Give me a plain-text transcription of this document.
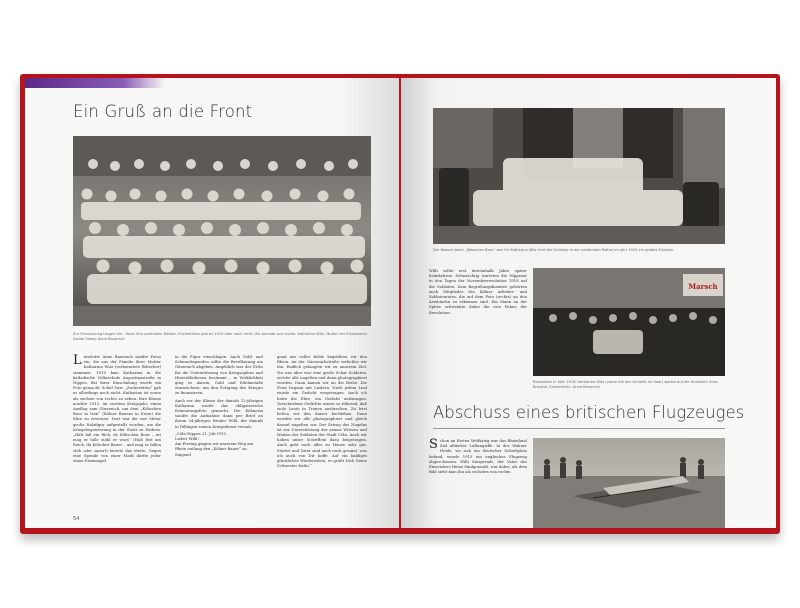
Ein Gruß an die Front
Zur Einschulung trugen die – fotos ihre schönsten Kleider. Zuckertüten gab es 1910 aber noch nicht. Als sechste von rechts: Katharina Witz, Mutter der Einsenderin (beide Fotos) Anne Bauersch
L ieselotte Anne Bauersch sandte Fotos ein, die aus der Familie ihrer Mutter Katharina Witz (verheiratete Bittscher) stammen. 1910 kam Katharina in die katholische Volksschule Augustinastraße in Nippes. Bei ihrer Einschulung wurde ein Foto gemacht. Schul- bzw. „Zuckertüten“ gab es allerdings noch nicht. Katharina ist vorne als sechste von rechts zu sehen. Ihre Klasse machte 1915, im zweiten Kriegsjahr, einen Ausflug zum Gürzenich, um dem „Köbschen Boor in Isen“ (Kölner Bauern in Eisen) die Ehre zu erweisen. Dort war die vier Meter große Holzfigur aufgestellt worden, um die Kriegsbegeisterung in der Stadt zu fördern. „Hält fall em Rich, do Köbschen Boor – nit mog er falle stöhl er woot“ (Halt fest am Reich, du Kölscher Bauer – und mag es fallen stöh oder sauert) lautete das Motto. Gegen eine Spende von einer Mark durfte jeder einen Eisennagel

in die Figur einschlagen. Auch Gold- und Schmuckspenden sollte die Bevölkerung am Gürzenich abgeben. Angeblich war der Erlös für die Unterstützung von Kriegsopfern und Hinterbliebenen bestimmt – in Wirklichkeit ging es darum, Gold und Edelmetalle einzusichern, um den Fortgang des Krieges zu finanzieren.

Auch vor der Klasse der damals 12-jährigen Katharina wurde das obligatorische Erinnerungsfoto gemacht. Die Köhnerin sandte die Aufnahme dann per Brief an ihrem 24-jährigen Bruder Willi, der damals in Dillingen seinen Kriegsdienst versah:

„Cöln-Nippes 21. Juli 1915
Lieber Willi!
Am Freitag gingen wir unserem Weg am Rhein entlang den „Kölner Bauer“ zu. Singend

gend aus voller Kehle begrüßten wir den Rhein. An der Gürzenichstraße verließen wir ihn. Endlich gelangten wir zu unserem Ziel. Vor uns aber war eine große Schar Soldaten, welche alle nagelten und dann photographiert wurden. Dann kamen wir an die Reihe. Die Feier begann mit Liedern. Nach jedem Lied wurde ein Gedicht vorgetragen. Auch ich hatte die Ehre, ein Gedicht aufzusagen. Verschiedene Gedichte waren so rührend, daß viele Leute in Tränen ausbrachen. Zu letzt ließen wir den Kaiser hochleben. Dann wurden wir alle photographiert und gleich darauf nagelten wir. Der Ertrag des Nagelns ist zur Unterstützung der armen Witwen und Waisen der Soldaten der Stadt Cöln. Auch wir haben unser Scherflein dazu beigetragen. Auch geht noch alles zu Hause sehr gut. Mutter und Vater sind auch noch gesund, was ich auch von Dir hoffe. Auf ein baldiges glückliches Wiedersehen, es grüßt Dich Deine Schwester Kathi.“
54
Der Besuch beim „Köbschen Boor“ war für Katharina Witz (mit der Schleipe in der vordersten Reihe) im Jahr 1915 ein großes Erlebnis.

Willi sollte erst dreieinhalb Jahre später heimkehren. Sehnsüchtig warteten die Nippeser in den Tagen der Novemberrevolution 1918 auf die Soldaten. Zum Begrüßungskomitee gehörten auch Mitglieder des Kölner Arbeiter- und Soldatenrates, die auf dem Foto (rechts) an den Armbinden zu erkennen sind. Ein Mann an der Spitze schwenkte dabei die rote Fahne der Revolution.

Marsch
Revolution in Köln 1918: Katharina Witz (vorne mit der Schleife im Haar) wartet auf die Heimkehr ihres Bruders. Einsenderin: Anne Bauersch
Abschuss eines britischen Flugzeuges
S chon im Ersten Weltkrieg war das Rheinland Ziel alliierter Luftangriffe. In der Wahner Heide, wo sich ein deutscher Schießplatz befand, wurde 1915 ein englisches Flugzeug abgeschossen. Willi Sinzgeradt, der Vater des Einsenders Heinz Sindgenradt, war dabei, als dem Bild sieht man ihn als sechsten von rechts.
